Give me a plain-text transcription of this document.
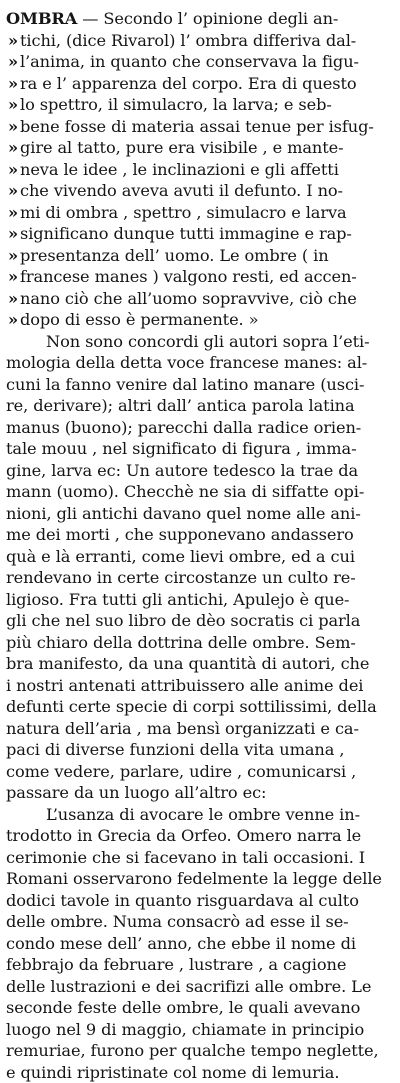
OMBRA — Secondo l’ opinione degli an-
» tichi, (dice Rivarol) l’ ombra differiva dal-
» l’anima, in quanto che conservava la figu-
» ra e l’ apparenza del corpo. Era di questo
» lo spettro, il simulacro, la larva; e seb-
» bene fosse di materia assai tenue per isfug-
» gire al tatto, pure era visibile , e mante-
» neva le idee , le inclinazioni e gli affetti
» che vivendo aveva avuti il defunto. I no-
» mi di ombra , spettro , simulacro e larva
» significano dunque tutti immagine e rap-
» presentanza dell’ uomo. Le ombre ( in
» francese manes ) valgono resti, ed accen-
» nano ciò che all’uomo sopravvive, ciò che
» dopo di esso è permanente. »
Non sono concordi gli autori sopra l’eti-
mologia della detta voce francese manes: al-
cuni la fanno venire dal latino manare (usci-
re, derivare); altri dall’ antica parola latina
manus (buono); parecchi dalla radice orien-
tale mouu , nel significato di figura , imma-
gine, larva ec: Un autore tedesco la trae da
mann (uomo). Checchè ne sia di siffatte opi-
nioni, gli antichi davano quel nome alle ani-
me dei morti , che supponevano andassero
quà e là erranti, come lievi ombre, ed a cui
rendevano in certe circostanze un culto re-
ligioso. Fra tutti gli antichi, Apulejo è que-
gli che nel suo libro de dèo socratis ci parla
più chiaro della dottrina delle ombre. Sem-
bra manifesto, da una quantità di autori, che
i nostri antenati attribuissero alle anime dei
defunti certe specie di corpi sottilissimi, della
natura dell’aria , ma bensì organizzati e ca-
paci di diverse funzioni della vita umana ,
come vedere, parlare, udire , comunicarsi ,
passare da un luogo all’altro ec:
L’usanza di avocare le ombre venne in-
trodotto in Grecia da Orfeo. Omero narra le
cerimonie che si facevano in tali occasioni. I
Romani osservarono fedelmente la legge delle
dodici tavole in quanto risguardava al culto
delle ombre. Numa consacrò ad esse il se-
condo mese dell’ anno, che ebbe il nome di
febbrajo da februare , lustrare , a cagione
delle lustrazioni e dei sacrifizi alle ombre. Le
seconde feste delle ombre, le quali avevano
luogo nel 9 di maggio, chiamate in principio
remuriae, furono per qualche tempo neglette,
e quindi ripristinate col nome di lemuria.
